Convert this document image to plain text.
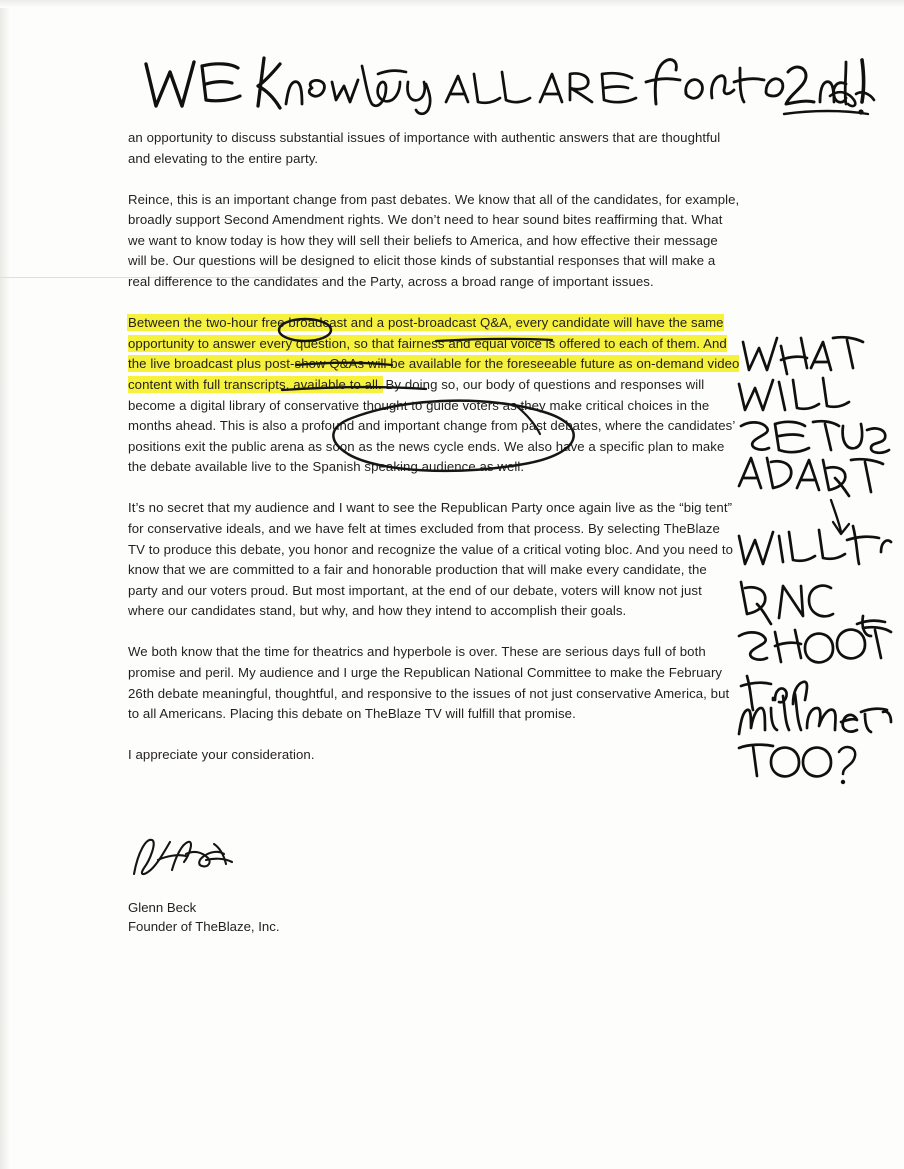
an opportunity to discuss substantial issues of importance with authentic answers that are thoughtful and elevating to the entire party.

Reince, this is an important change from past debates. We know that all of the candidates, for example, broadly support Second Amendment rights. We don’t need to hear sound bites reaffirming that. What we want to know today is how they will sell their beliefs to America, and how effective their message will be. Our questions will be designed to elicit those kinds of substantial responses that will make a real difference to the candidates and the Party, across a broad range of important issues.

Between the two-hour free broadcast and a post-broadcast Q&A, every candidate will have the same opportunity to answer every question, so that fairness and equal voice is offered to each of them. And the live broadcast plus post-show Q&As will be available for the foreseeable future as on-demand video content with full transcripts, available to all. By doing so, our body of questions and responses will become a digital library of conservative thought to guide voters as they make critical choices in the months ahead. This is also a profound and important change from past debates, where the candidates’ positions exit the public arena as soon as the news cycle ends. We also have a specific plan to make the debate available live to the Spanish speaking audience as well.

It’s no secret that my audience and I want to see the Republican Party once again live as the “big tent” for conservative ideals, and we have felt at times excluded from that process. By selecting TheBlaze TV to produce this debate, you honor and recognize the value of a critical voting bloc. And you need to know that we are committed to a fair and honorable production that will make every candidate, the party and our voters proud. But most important, at the end of our debate, voters will know not just where our candidates stand, but why, and how they intend to accomplish their goals.

We both know that the time for theatrics and hyperbole is over. These are serious days full of both promise and peril. My audience and I urge the Republican National Committee to make the February 26th debate meaningful, thoughtful, and responsive to the issues of not just conservative America, but to all Americans. Placing this debate on TheBlaze TV will fulfill that promise.

I appreciate your consideration.

Glenn Beck
Founder of TheBlaze, Inc.
